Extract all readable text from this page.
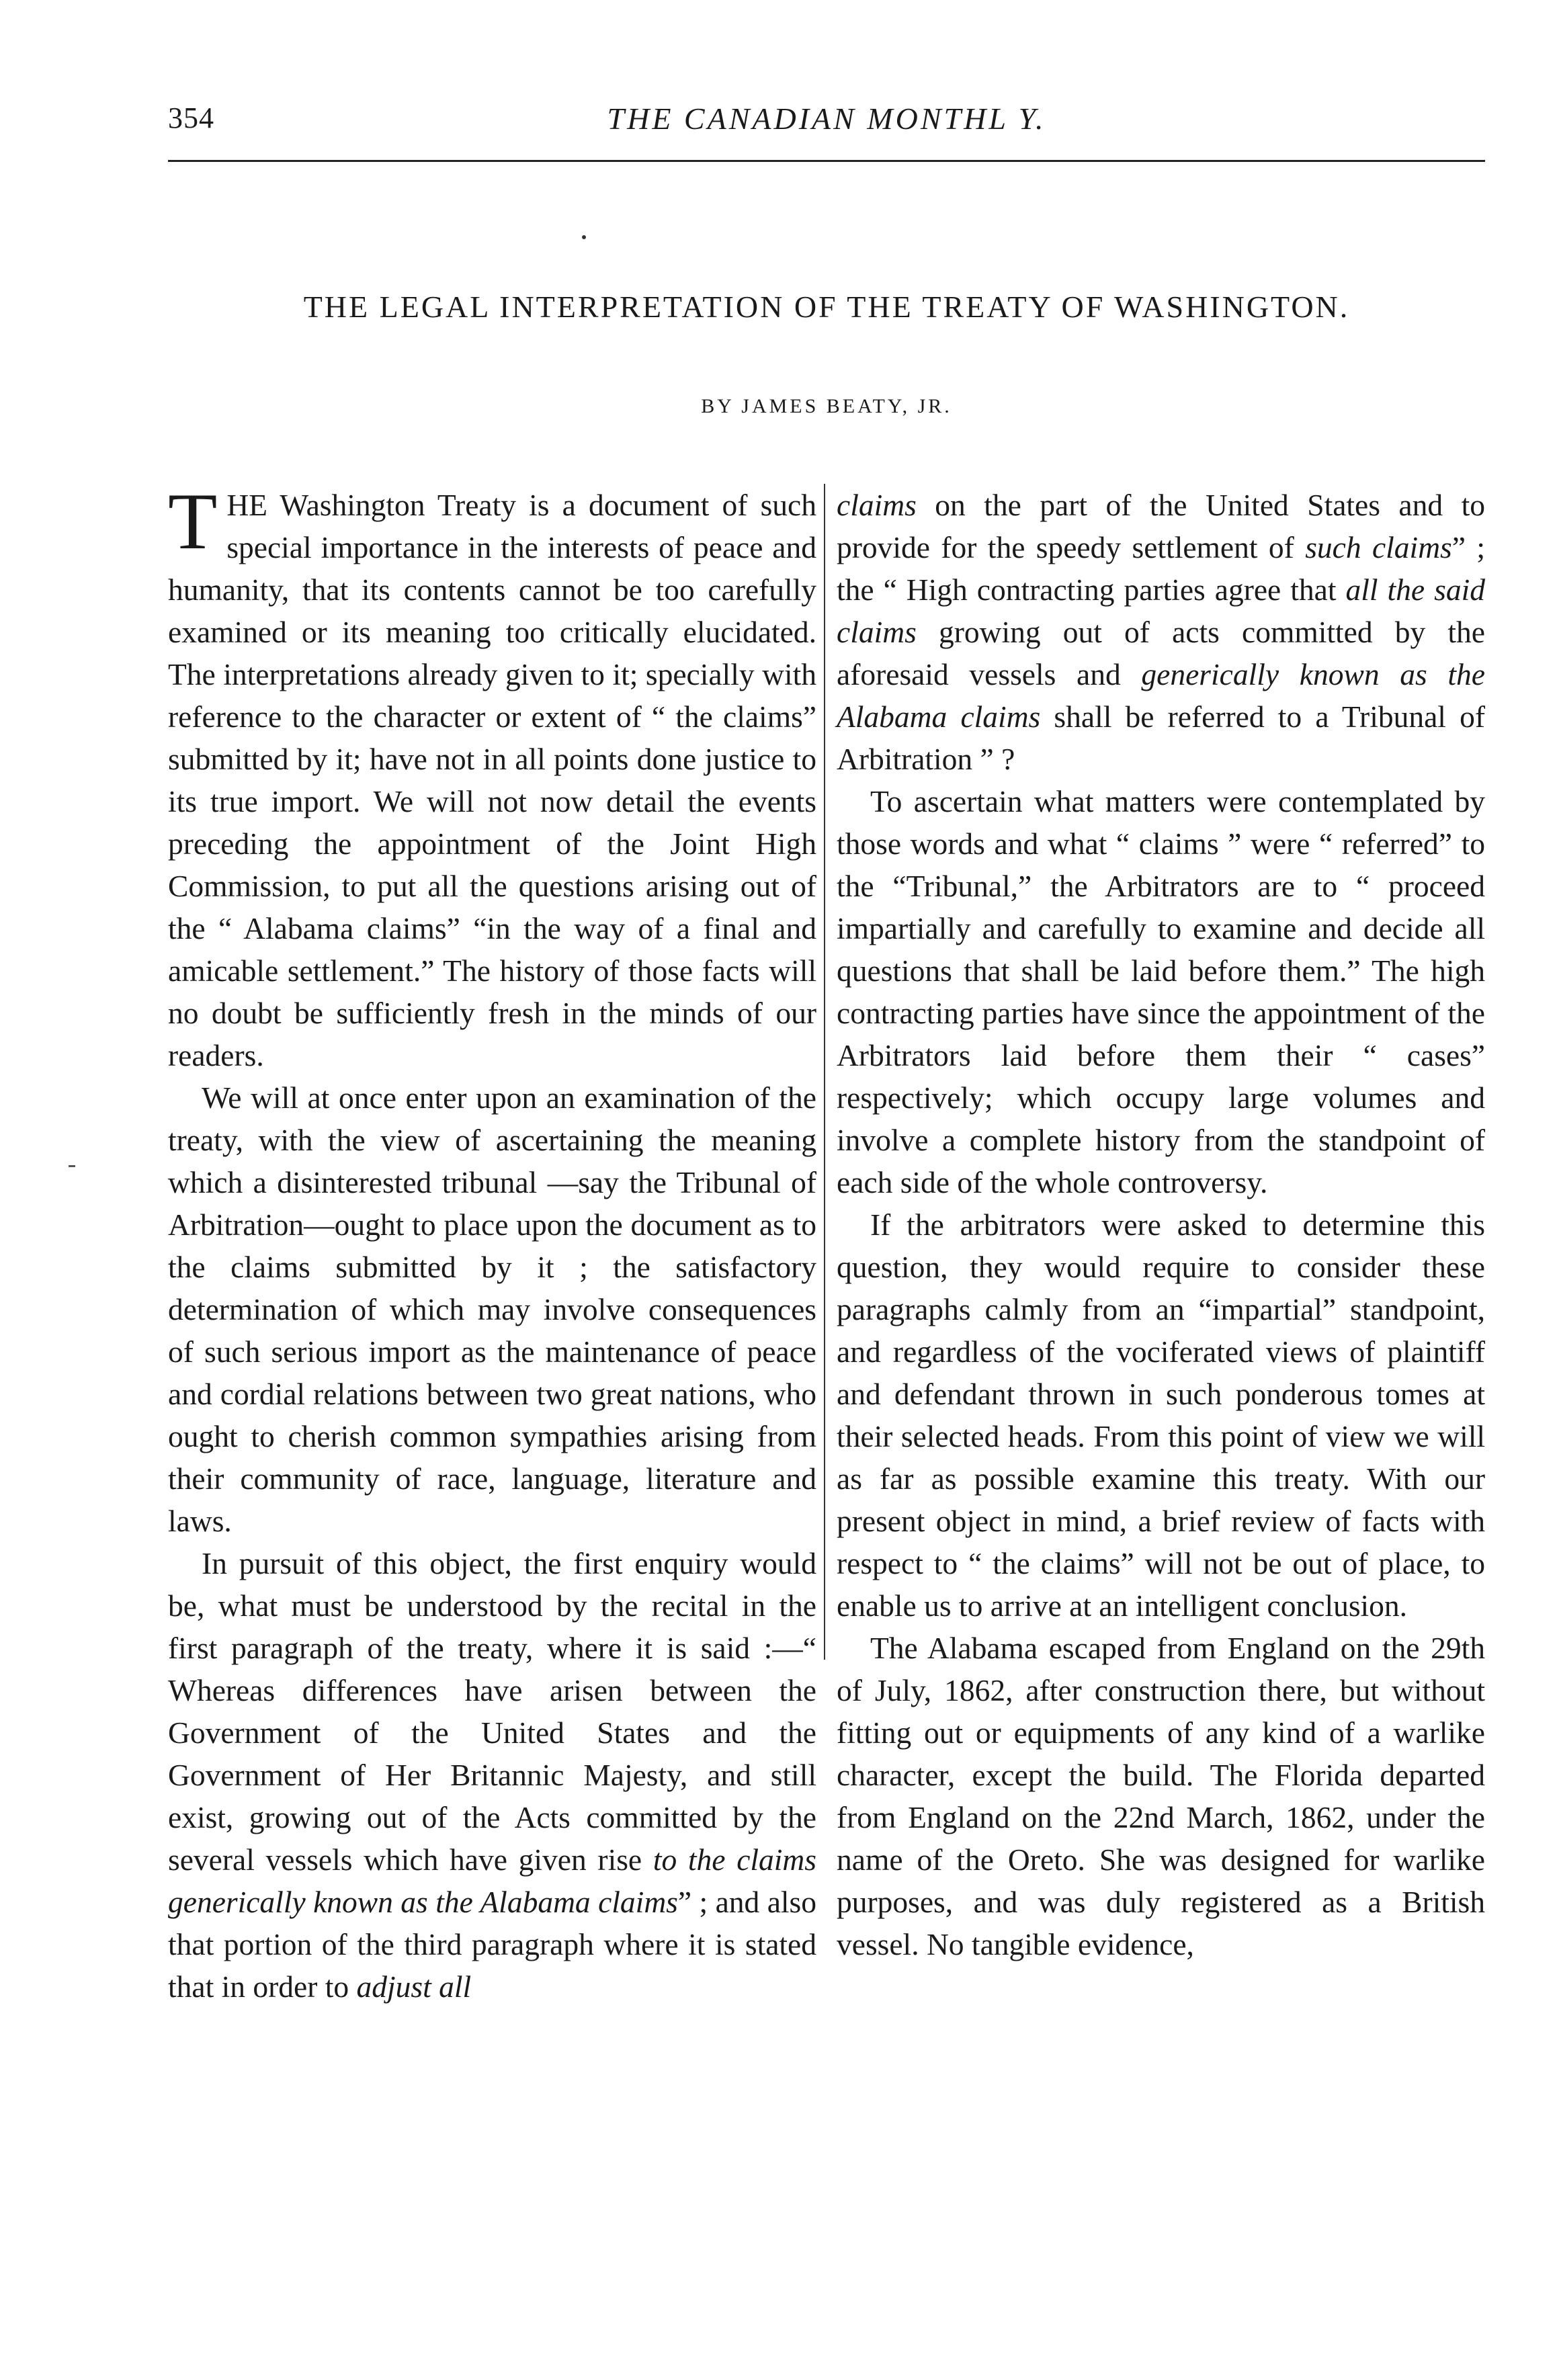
354	THE CANADIAN MONTHL Y.
THE LEGAL INTERPRETATION OF THE TREATY OF WASHINGTON.
BY JAMES BEATY, JR.

THE Washington Treaty is a document of such special importance in the interests of peace and humanity, that its contents cannot be too carefully examined or its meaning too critically elucidated. The interpretations already given to it; specially with reference to the character or extent of “ the claims” submitted by it; have not in all points done justice to its true import. We will not now detail the events preceding the appointment of the Joint High Commission, to put all the questions arising out of the “ Alabama claims” “in the way of a final and amicable settlement.” The history of those facts will no doubt be sufficiently fresh in the minds of our readers.

We will at once enter upon an examination of the treaty, with the view of ascertaining the meaning which a disinterested tribunal —say the Tribunal of Arbitration—ought to place upon the document as to the claims submitted by it ; the satisfactory determination of which may involve consequences of such serious import as the maintenance of peace and cordial relations between two great nations, who ought to cherish common sympathies arising from their community of race, language, literature and laws.

In pursuit of this object, the first enquiry would be, what must be understood by the recital in the first paragraph of the treaty, where it is said :—“ Whereas differences have arisen between the Government of the United States and the Government of Her Britannic Majesty, and still exist, growing out of the Acts committed by the several vessels which have given rise to the claims generically known as the Alabama claims” ; and also that portion of the third paragraph where it is stated that in order to adjust all

claims on the part of the United States and to provide for the speedy settlement of such claims” ; the “ High contracting parties agree that all the said claims growing out of acts committed by the aforesaid vessels and generically known as the Alabama claims shall be referred to a Tribunal of Arbitration ” ?

To ascertain what matters were contemplated by those words and what “ claims ” were “ referred” to the “Tribunal,” the Arbitrators are to “ proceed impartially and carefully to examine and decide all questions that shall be laid before them.” The high contracting parties have since the appointment of the Arbitrators laid before them their “ cases” respectively; which occupy large volumes and involve a complete history from the standpoint of each side of the whole controversy.

If the arbitrators were asked to determine this question, they would require to consider these paragraphs calmly from an “impartial” standpoint, and regardless of the vociferated views of plaintiff and defendant thrown in such ponderous tomes at their selected heads. From this point of view we will as far as possible examine this treaty. With our present object in mind, a brief review of facts with respect to “ the claims” will not be out of place, to enable us to arrive at an intelligent conclusion.

The Alabama escaped from England on the 29th of July, 1862, after construction there, but without fitting out or equipments of any kind of a warlike character, except the build. The Florida departed from England on the 22nd March, 1862, under the name of the Oreto. She was designed for warlike purposes, and was duly registered as a British vessel. No tangible evidence,
